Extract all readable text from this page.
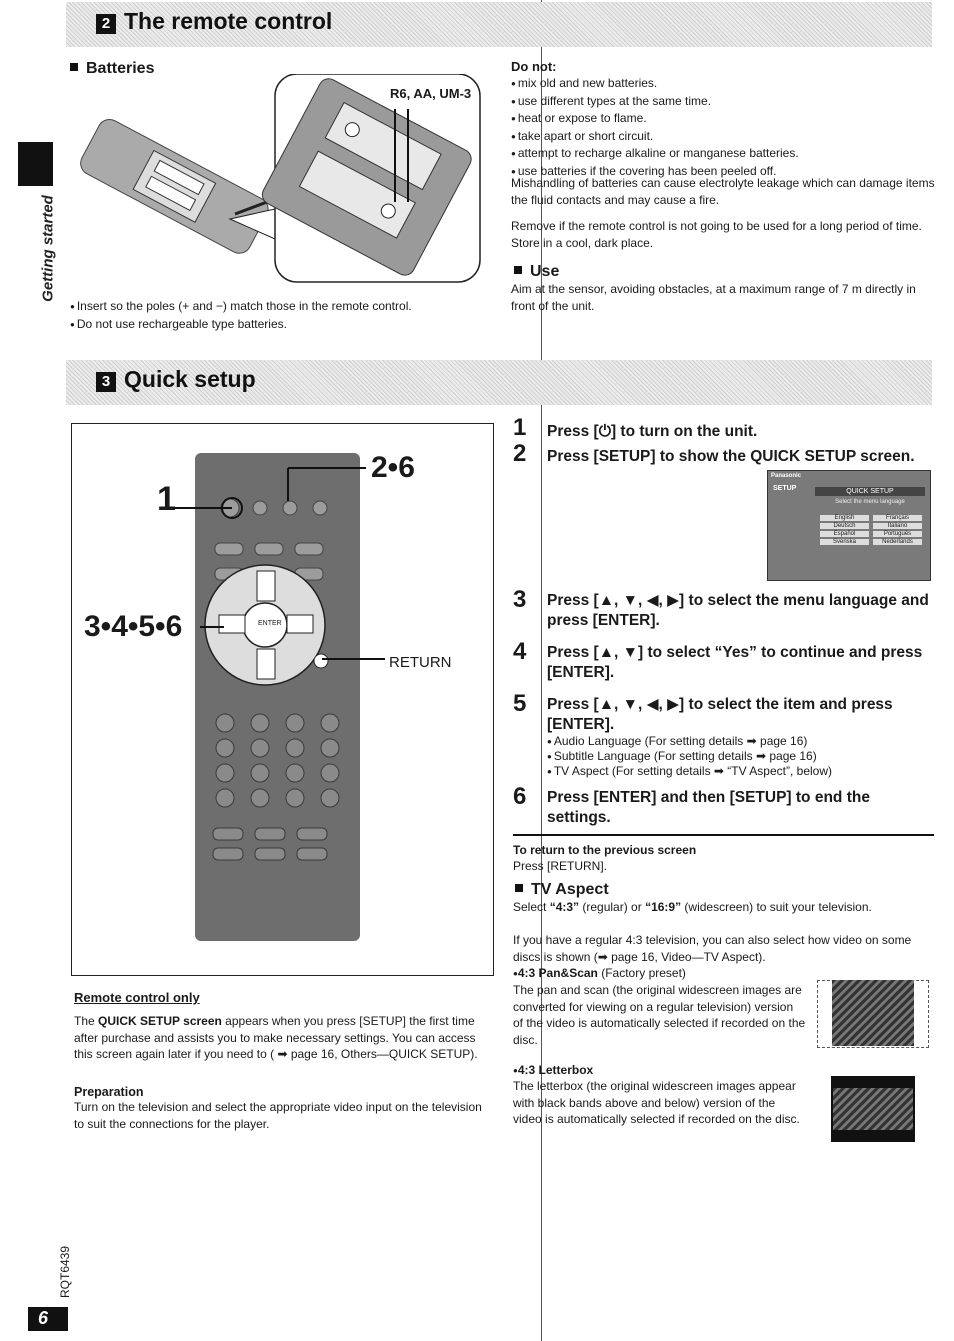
Getting started
2 The remote control
Batteries
R6, AA, UM-3
● Insert so the poles (+ and −) match those in the remote control.
● Do not use rechargeable type batteries.
Do not:
● mix old and new batteries.
● use different types at the same time.
● heat or expose to flame.
● take apart or short circuit.
● attempt to recharge alkaline or manganese batteries.
● use batteries if the covering has been peeled off.
Mishandling of batteries can cause electrolyte leakage which can damage items the fluid contacts and may cause a fire.
Remove if the remote control is not going to be used for a long period of time. Store in a cool, dark place.
Use
Aim at the sensor, avoiding obstacles, at a maximum range of 7 m directly in front of the unit.
3 Quick setup
1
2•6
3•4•5•6
RETURN
ENTER
Remote control only
The QUICK SETUP screen appears when you press [SETUP] the first time after purchase and assists you to make necessary settings. You can access this screen again later if you need to ( ➡ page 16, Others—QUICK SETUP).
Preparation
Turn on the television and select the appropriate video input on the television to suit the connections for the player.
1 Press [⏻] to turn on the unit.
2 Press [SETUP] to show the QUICK SETUP screen.
Panasonic
SETUP	QUICK SETUP
Select the menu language
English	Français
Deutsch	Italiano
Español	Português
Svenska	Nederlands
3 Press [▲, ▼, ◀, ▶] to select the menu language and press [ENTER].
4 Press [▲, ▼] to select “Yes” to continue and press [ENTER].
5 Press [▲, ▼, ◀, ▶] to select the item and press [ENTER].
● Audio Language (For setting details ➡ page 16)
● Subtitle Language (For setting details ➡ page 16)
● TV Aspect (For setting details ➡ “TV Aspect”, below)
6 Press [ENTER] and then [SETUP] to end the settings.
To return to the previous screen
Press [RETURN].
TV Aspect
Select “4:3” (regular) or “16:9” (widescreen) to suit your television.
If you have a regular 4:3 television, you can also select how video on some discs is shown (➡ page 16, Video—TV Aspect).
●4:3 Pan&Scan (Factory preset)
The pan and scan (the original widescreen images are converted for viewing on a regular television) version of the video is automatically selected if recorded on the disc.
●4:3 Letterbox
The letterbox (the original widescreen images appear with black bands above and below) version of the video is automatically selected if recorded on the disc.
RQT6439
6
